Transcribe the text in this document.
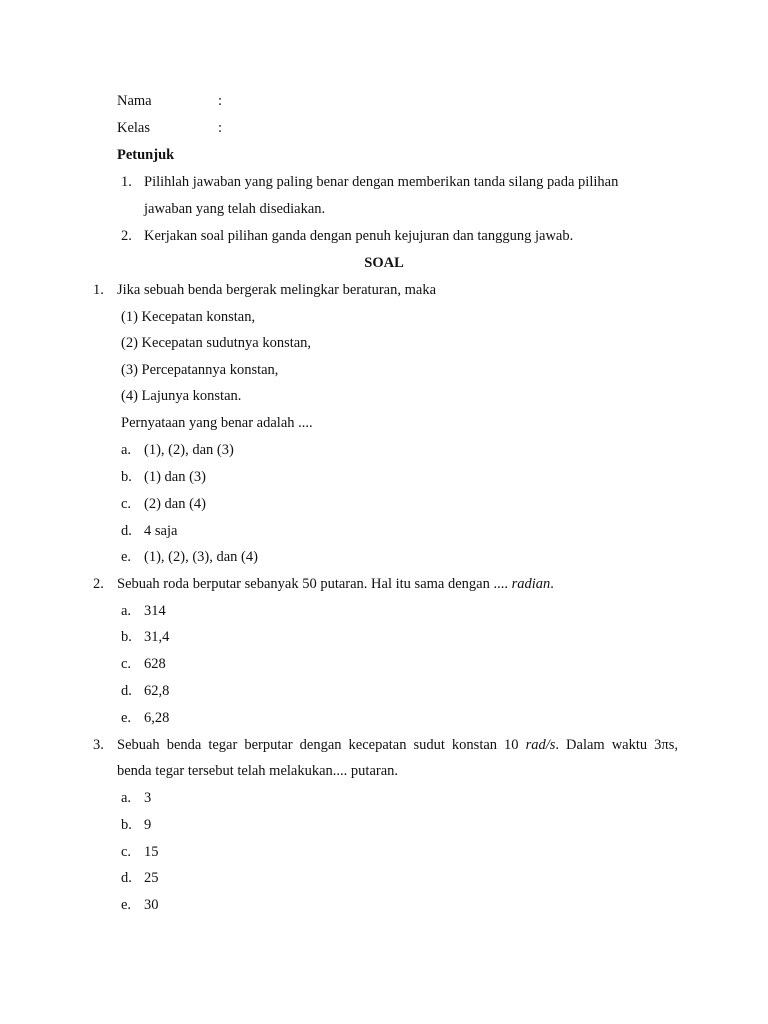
Nama	:
Kelas	:
Petunjuk
1. Pilihlah jawaban yang paling benar dengan memberikan tanda silang pada pilihan
jawaban yang telah disediakan.
2. Kerjakan soal pilihan ganda dengan penuh kejujuran dan tanggung jawab.
SOAL
1. Jika sebuah benda bergerak melingkar beraturan, maka
(1) Kecepatan konstan,
(2) Kecepatan sudutnya konstan,
(3) Percepatannya konstan,
(4) Lajunya konstan.
Pernyataan yang benar adalah ....
a. (1), (2), dan (3)
b. (1) dan (3)
c. (2) dan (4)
d. 4 saja
e. (1), (2), (3), dan (4)
2. Sebuah roda berputar sebanyak 50 putaran. Hal itu sama dengan .... radian.
a. 314
b. 31,4
c. 628
d. 62,8
e. 6,28
3. Sebuah benda tegar berputar dengan kecepatan sudut konstan 10 rad/s. Dalam waktu 3πs,
benda tegar tersebut telah melakukan.... putaran.
a. 3
b. 9
c. 15
d. 25
e. 30
